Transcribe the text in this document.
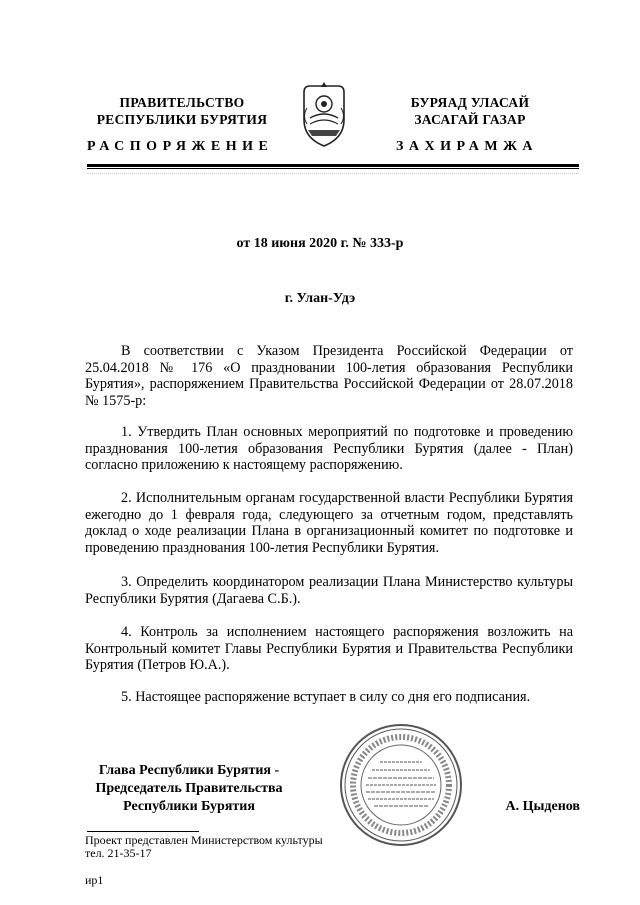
ПРАВИТЕЛЬСТВО
РЕСПУБЛИКИ БУРЯТИЯ
БУРЯАД УЛАСАЙ
ЗАСАГАЙ ГАЗАР
РАСПОРЯЖЕНИЕ	ЗАХИРАМЖА
от 18 июня 2020 г. № 333-р
г. Улан-Удэ
В соответствии с Указом Президента Российской Федерации от 25.04.2018 № 176 «О праздновании 100-летия образования Республики Бурятия», распоряжением Правительства Российской Федерации от 28.07.2018 № 1575-р:
1. Утвердить План основных мероприятий по подготовке и проведению празднования 100-летия образования Республики Бурятия (далее - План) согласно приложению к настоящему распоряжению.
2. Исполнительным органам государственной власти Республики Бурятия ежегодно до 1 февраля года, следующего за отчетным годом, представлять доклад о ходе реализации Плана в организационный комитет по подготовке и проведению празднования 100-летия Республики Бурятия.
3. Определить координатором реализации Плана Министерство культуры Республики Бурятия (Дагаева С.Б.).
4. Контроль за исполнением настоящего распоряжения возложить на Контрольный комитет Главы Республики Бурятия и Правительства Республики Бурятия (Петров Ю.А.).
5. Настоящее распоряжение вступает в силу со дня его подписания.
Глава Республики Бурятия -
Председатель Правительства
Республики Бурятия	А. Цыденов
Проект представлен Министерством культуры
тел. 21-35-17
ир1
